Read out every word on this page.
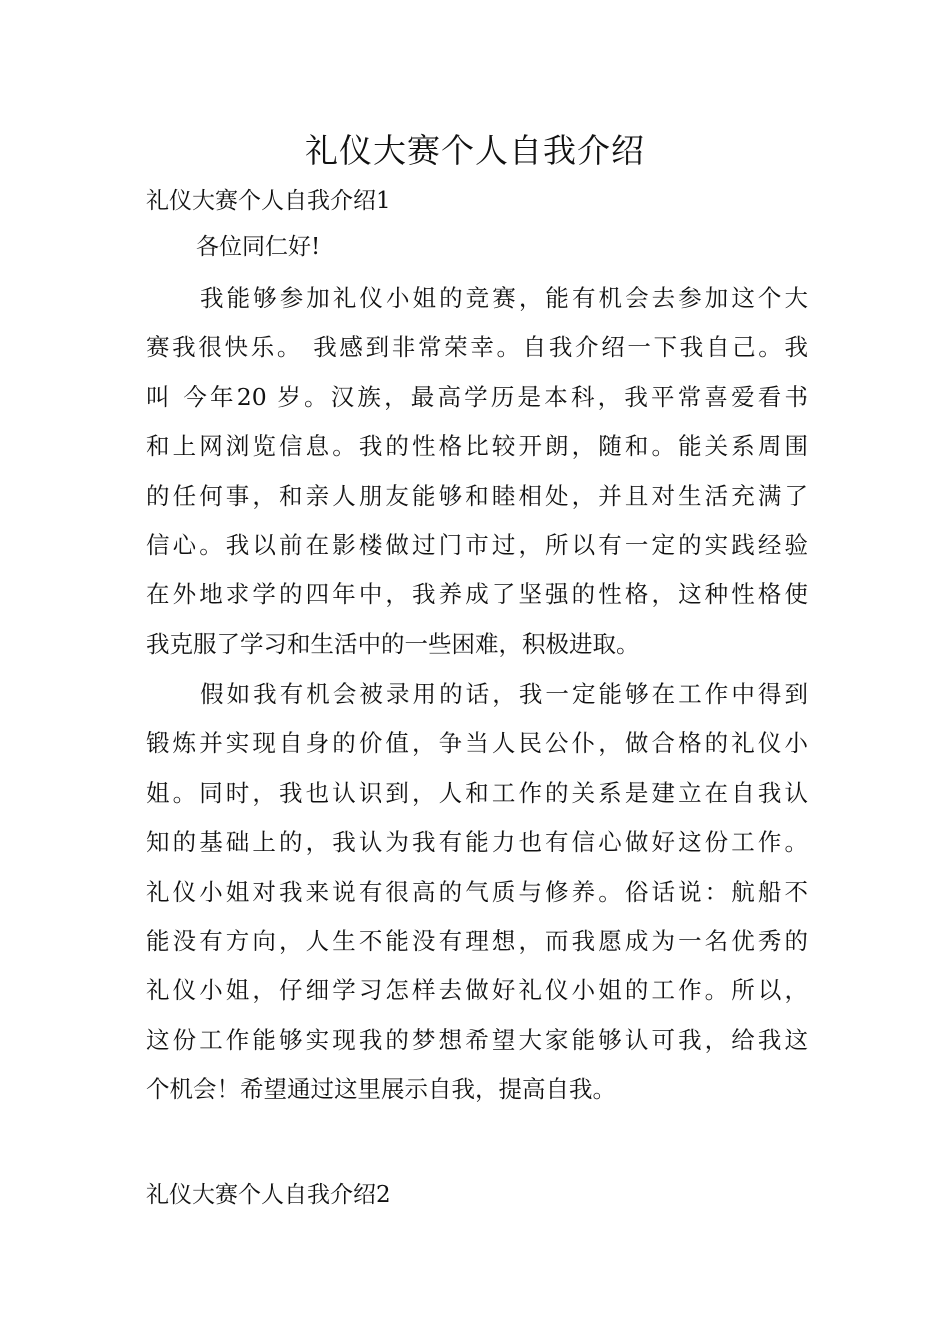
礼仪大赛个人自我介绍

礼仪大赛个人自我介绍1

各位同仁好!

我能够参加礼仪小姐的竞赛，能有机会去参加这个大
赛我很快乐。 我感到非常荣幸。自我介绍一下我自己。我
叫 今年20 岁。汉族，最高学历是本科，我平常喜爱看书
和上网浏览信息。我的性格比较开朗，随和。能关系周围
的任何事，和亲人朋友能够和睦相处，并且对生活充满了
信心。我以前在影楼做过门市过，所以有一定的实践经验
在外地求学的四年中，我养成了坚强的性格，这种性格使
我克服了学习和生活中的一些困难，积极进取。
假如我有机会被录用的话，我一定能够在工作中得到
锻炼并实现自身的价值，争当人民公仆，做合格的礼仪小
姐。同时，我也认识到，人和工作的关系是建立在自我认
知的基础上的，我认为我有能力也有信心做好这份工作。
礼仪小姐对我来说有很高的气质与修养。俗话说：航船不
能没有方向，人生不能没有理想，而我愿成为一名优秀的
礼仪小姐，仔细学习怎样去做好礼仪小姐的工作。所以，
这份工作能够实现我的梦想希望大家能够认可我，给我这
个机会！希望通过这里展示自我，提高自我。

礼仪大赛个人自我介绍2
